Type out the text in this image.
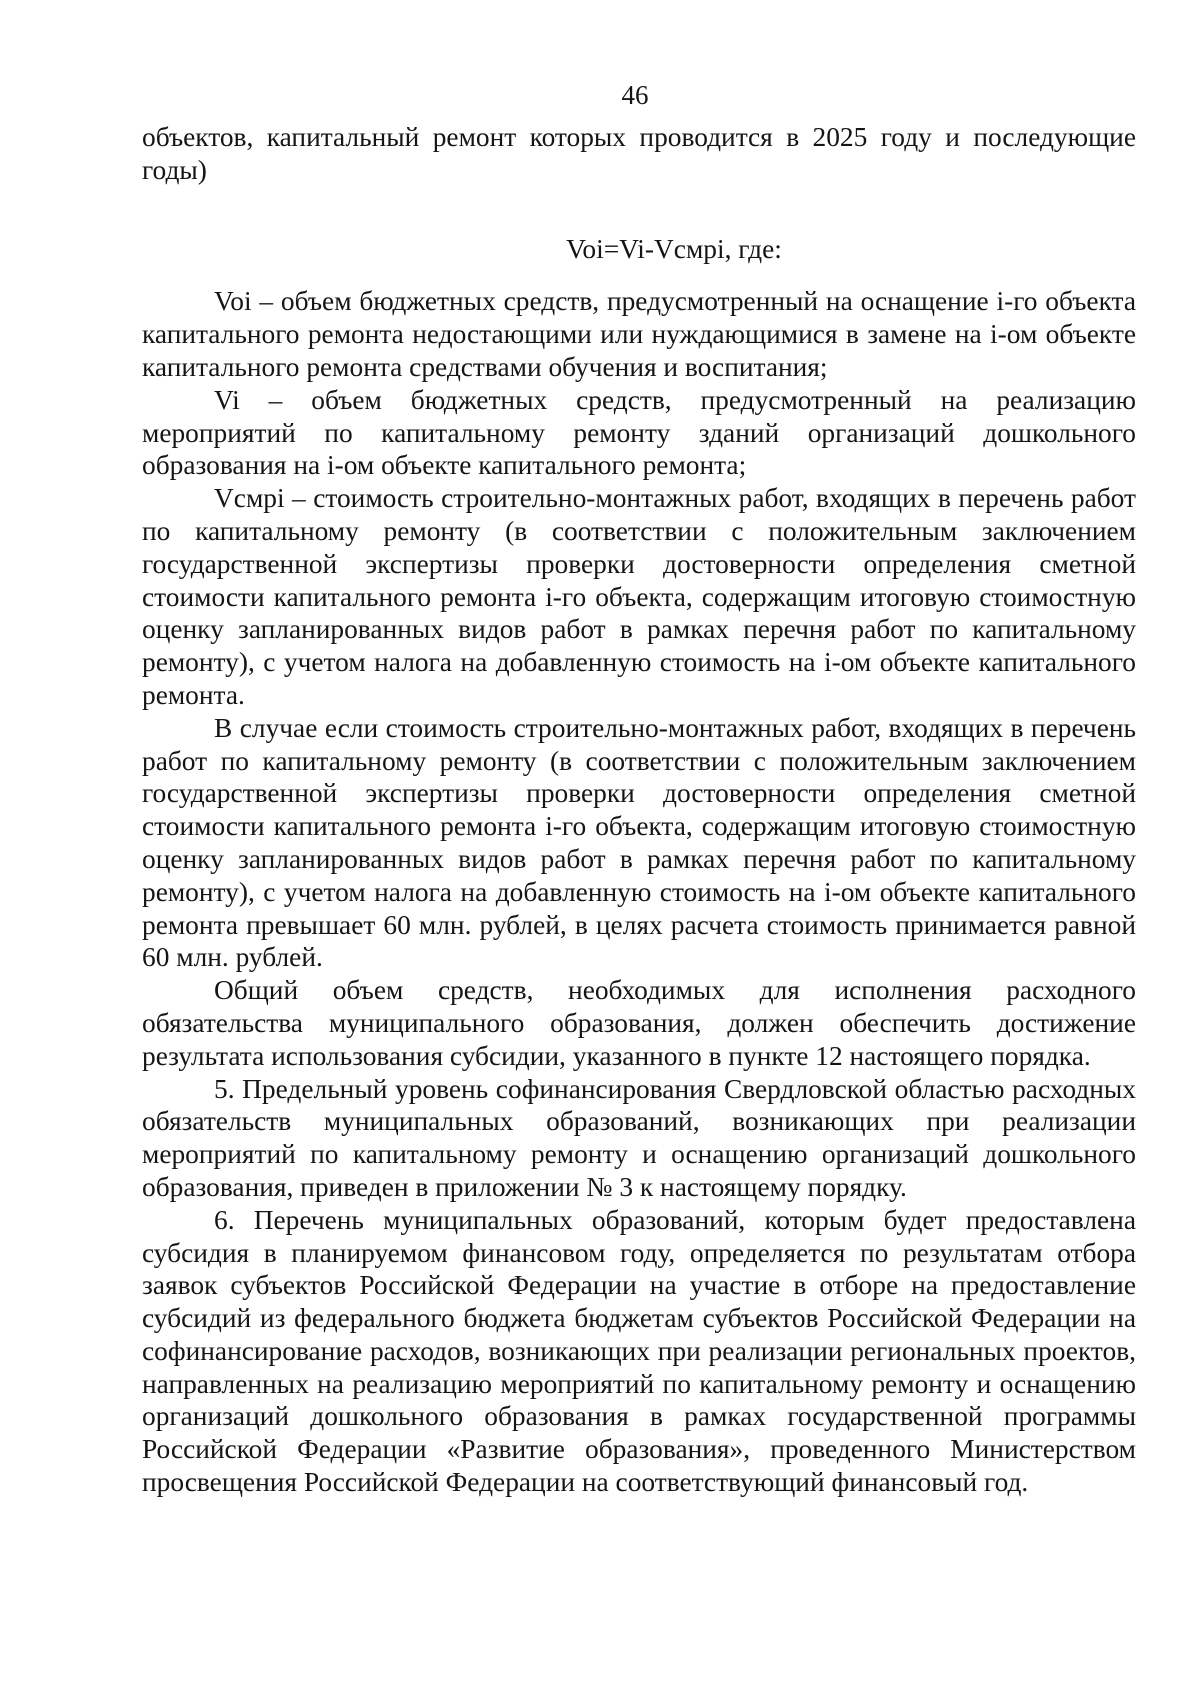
46

объектов, капитальный ремонт которых проводится в 2025 году и последующие годы)

Voi=Vi-Vсмрi, где:

Voi – объем бюджетных средств, предусмотренный на оснащение i-го объекта капитального ремонта недостающими или нуждающимися в замене на i-ом объекте капитального ремонта средствами обучения и воспитания;

Vi – объем бюджетных средств, предусмотренный на реализацию мероприятий по капитальному ремонту зданий организаций дошкольного образования на i-ом объекте капитального ремонта;

Vсмрi – стоимость строительно-монтажных работ, входящих в перечень работ по капитальному ремонту (в соответствии с положительным заключением государственной экспертизы проверки достоверности определения сметной стоимости капитального ремонта i-го объекта, содержащим итоговую стоимостную оценку запланированных видов работ в рамках перечня работ по капитальному ремонту), с учетом налога на добавленную стоимость на i-ом объекте капитального ремонта.

В случае если стоимость строительно-монтажных работ, входящих в перечень работ по капитальному ремонту (в соответствии с положительным заключением государственной экспертизы проверки достоверности определения сметной стоимости капитального ремонта i-го объекта, содержащим итоговую стоимостную оценку запланированных видов работ в рамках перечня работ по капитальному ремонту), с учетом налога на добавленную стоимость на i-ом объекте капитального ремонта превышает 60 млн. рублей, в целях расчета стоимость принимается равной 60 млн. рублей.

Общий объем средств, необходимых для исполнения расходного обязательства муниципального образования, должен обеспечить достижение результата использования субсидии, указанного в пункте 12 настоящего порядка.

5. Предельный уровень софинансирования Свердловской областью расходных обязательств муниципальных образований, возникающих при реализации мероприятий по капитальному ремонту и оснащению организаций дошкольного образования, приведен в приложении № 3 к настоящему порядку.

6. Перечень муниципальных образований, которым будет предоставлена субсидия в планируемом финансовом году, определяется по результатам отбора заявок субъектов Российской Федерации на участие в отборе на предоставление субсидий из федерального бюджета бюджетам субъектов Российской Федерации на софинансирование расходов, возникающих при реализации региональных проектов, направленных на реализацию мероприятий по капитальному ремонту и оснащению организаций дошкольного образования в рамках государственной программы Российской Федерации «Развитие образования», проведенного Министерством просвещения Российской Федерации на соответствующий финансовый год.
